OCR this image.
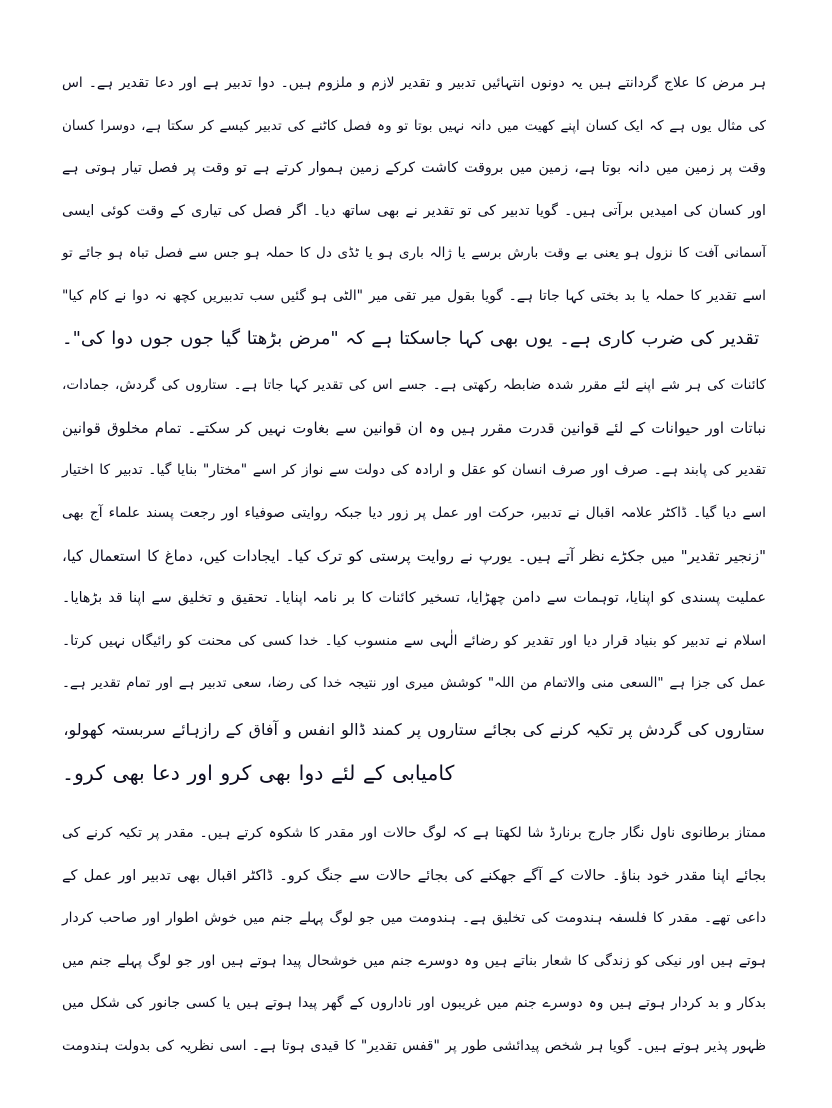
ہر مرض کا علاج گردانتے ہیں یہ دونوں انتہائیں تدبیر و تقدیر لازم و ملزوم ہیں۔ دوا تدبیر ہے اور دعا تقدیر ہے۔ اس
کی مثال یوں ہے کہ ایک کسان اپنے کھیت میں دانہ نہیں بوتا تو وہ فصل کاٹنے کی تدبیر کیسے کر سکتا ہے، دوسرا کسان
وقت پر زمین میں دانہ بوتا ہے، زمین میں بروقت کاشت کرکے زمین ہموار کرتے ہے تو وقت پر فصل تیار ہوتی ہے
اور کسان کی امیدیں برآتی ہیں۔ گویا تدبیر کی تو تقدیر نے بھی ساتھ دیا۔ اگر فصل کی تیاری کے وقت کوئی ایسی
آسمانی آفت کا نزول ہو یعنی بے وقت بارش برسے یا ژالہ باری ہو یا ٹڈی دل کا حملہ ہو جس سے فصل تباہ ہو جائے تو
اسے تقدیر کا حملہ یا بد بختی کہا جاتا ہے۔ گویا بقول میر تقی میر "الٹی ہو گئیں سب تدبیریں کچھ نہ دوا نے کام کیا"
تقدیر کی ضرب کاری ہے۔ یوں بھی کہا جاسکتا ہے کہ "مرض بڑھتا گیا جوں جوں دوا کی"۔
کائنات کی ہر شے اپنے لئے مقرر شدہ ضابطہ رکھتی ہے۔ جسے اس کی تقدیر کہا جاتا ہے۔ ستاروں کی گردش، جمادات،
نباتات اور حیوانات کے لئے قوانین قدرت مقرر ہیں وہ ان قوانین سے بغاوت نہیں کر سکتے۔ تمام مخلوق قوانین
تقدیر کی پابند ہے۔ صرف اور صرف انسان کو عقل و ارادہ کی دولت سے نواز کر اسے "مختار" بنایا گیا۔ تدبیر کا اختیار
اسے دیا گیا۔ ڈاکٹر علامہ اقبال نے تدبیر، حرکت اور عمل پر زور دیا جبکہ روایتی صوفیاء اور رجعت پسند علماء آج بھی
"زنجیر تقدیر" میں جکڑے نظر آتے ہیں۔ یورپ نے روایت پرستی کو ترک کیا۔ ایجادات کیں، دماغ کا استعمال کیا،
عملیت پسندی کو اپنایا، توہمات سے دامن چھڑایا، تسخیر کائنات کا بر نامہ اپنایا۔ تحقیق و تخلیق سے اپنا قد بڑھایا۔
اسلام نے تدبیر کو بنیاد قرار دیا اور تقدیر کو رضائے الٰہی سے منسوب کیا۔ خدا کسی کی محنت کو رائیگاں نہیں کرتا۔
عمل کی جزا ہے "السعی منی والاتمام من اللہ" کوشش میری اور نتیجہ خدا کی رضا، سعی تدبیر ہے اور تمام تقدیر ہے۔
ستاروں کی گردش پر تکیہ کرنے کی بجائے ستاروں پر کمند ڈالو انفس و آفاق کے رازہائے سربستہ کھولو،
کامیابی کے لئے دوا بھی کرو اور دعا بھی کرو۔
ممتاز برطانوی ناول نگار جارج برنارڈ شا لکھتا ہے کہ لوگ حالات اور مقدر کا شکوہ کرتے ہیں۔ مقدر پر تکیہ کرنے کی
بجائے اپنا مقدر خود بناؤ۔ حالات کے آگے جھکنے کی بجائے حالات سے جنگ کرو۔ ڈاکٹر اقبال بھی تدبیر اور عمل کے
داعی تھے۔ مقدر کا فلسفہ ہندومت کی تخلیق ہے۔ ہندومت میں جو لوگ پہلے جنم میں خوش اطوار اور صاحب کردار
ہوتے ہیں اور نیکی کو زندگی کا شعار بناتے ہیں وہ دوسرے جنم میں خوشحال پیدا ہوتے ہیں اور جو لوگ پہلے جنم میں
بدکار و بد کردار ہوتے ہیں وہ دوسرے جنم میں غریبوں اور ناداروں کے گھر پیدا ہوتے ہیں یا کسی جانور کی شکل میں
ظہور پذیر ہوتے ہیں۔ گویا ہر شخص پیدائشی طور پر "قفس تقدیر" کا قیدی ہوتا ہے۔ اسی نظریہ کی بدولت ہندومت
